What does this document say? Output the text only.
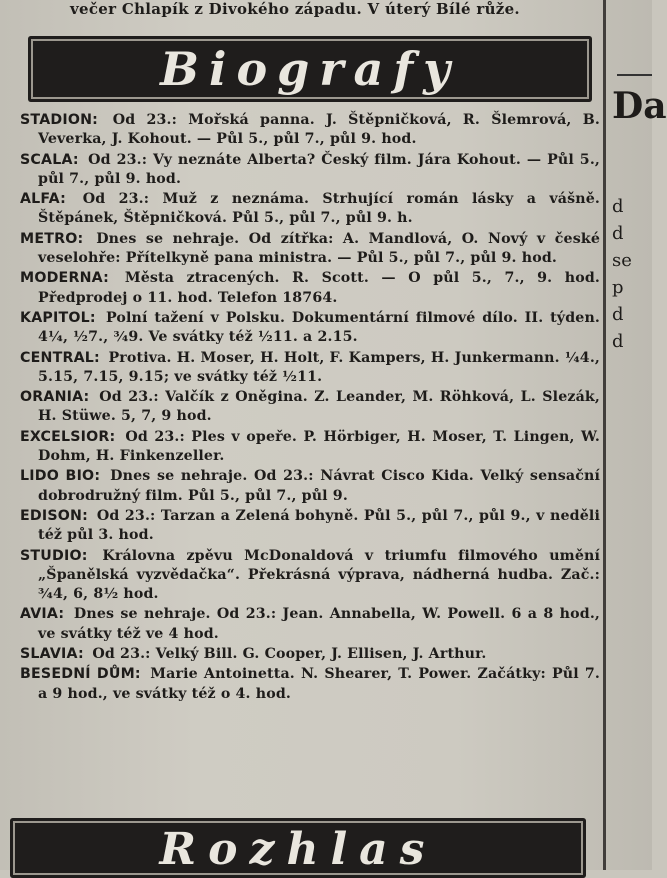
večer Chlapík z Divokého západu. V úterý Bílé růže.
Biografy
STADION: Od 23.: Mořská panna. J. Štěpničková, R. Šlemrová, B. Veverka, J. Kohout. — Půl 5., půl 7., půl 9. hod.
SCALA: Od 23.: Vy neznáte Alberta? Český film. Jára Kohout. — Půl 5., půl 7., půl 9. hod.
ALFA: Od 23.: Muž z neznáma. Strhující román lásky a vášně. Štěpánek, Štěpničková. Půl 5., půl 7., půl 9. h.
METRO: Dnes se nehraje. Od zítřka: A. Mandlová, O. Nový v české veselohře: Přítelkyně pana ministra. — Půl 5., půl 7., půl 9. hod.
MODERNA: Města ztracených. R. Scott. — O půl 5., 7., 9. hod. Předprodej o 11. hod. Telefon 18764.
KAPITOL: Polní tažení v Polsku. Dokumentární filmové dílo. II. týden. 4¼, ½7., ¾9. Ve svátky též ½11. a 2.15.
CENTRAL: Protiva. H. Moser, H. Holt, F. Kampers, H. Junkermann. ¼4., 5.15, 7.15, 9.15; ve svátky též ½11.
ORANIA: Od 23.: Valčík z Oněgina. Z. Leander, M. Röhková, L. Slezák, H. Stüwe. 5, 7, 9 hod.
EXCELSIOR: Od 23.: Ples v opeře. P. Hörbiger, H. Moser, T. Lingen, W. Dohm, H. Finkenzeller.
LIDO BIO: Dnes se nehraje. Od 23.: Návrat Cisco Kida. Velký sensační dobrodružný film. Půl 5., půl 7., půl 9.
EDISON: Od 23.: Tarzan a Zelená bohyně. Půl 5., půl 7., půl 9., v neděli též půl 3. hod.
STUDIO: Královna zpěvu McDonaldová v triumfu filmového umění „Španělská vyzvědačka“. Překrásná výprava, nádherná hudba. Zač.: ¾4, 6, 8½ hod.
AVIA: Dnes se nehraje. Od 23.: Jean. Annabella, W. Powell. 6 a 8 hod., ve svátky též ve 4 hod.
SLAVIA: Od 23.: Velký Bill. G. Cooper, J. Ellisen, J. Arthur.
BESEDNÍ DŮM: Marie Antoinetta. N. Shearer, T. Power. Začátky: Půl 7. a 9 hod., ve svátky též o 4. hod.
Rozhlas
Da
d
d
se
p
d
d
